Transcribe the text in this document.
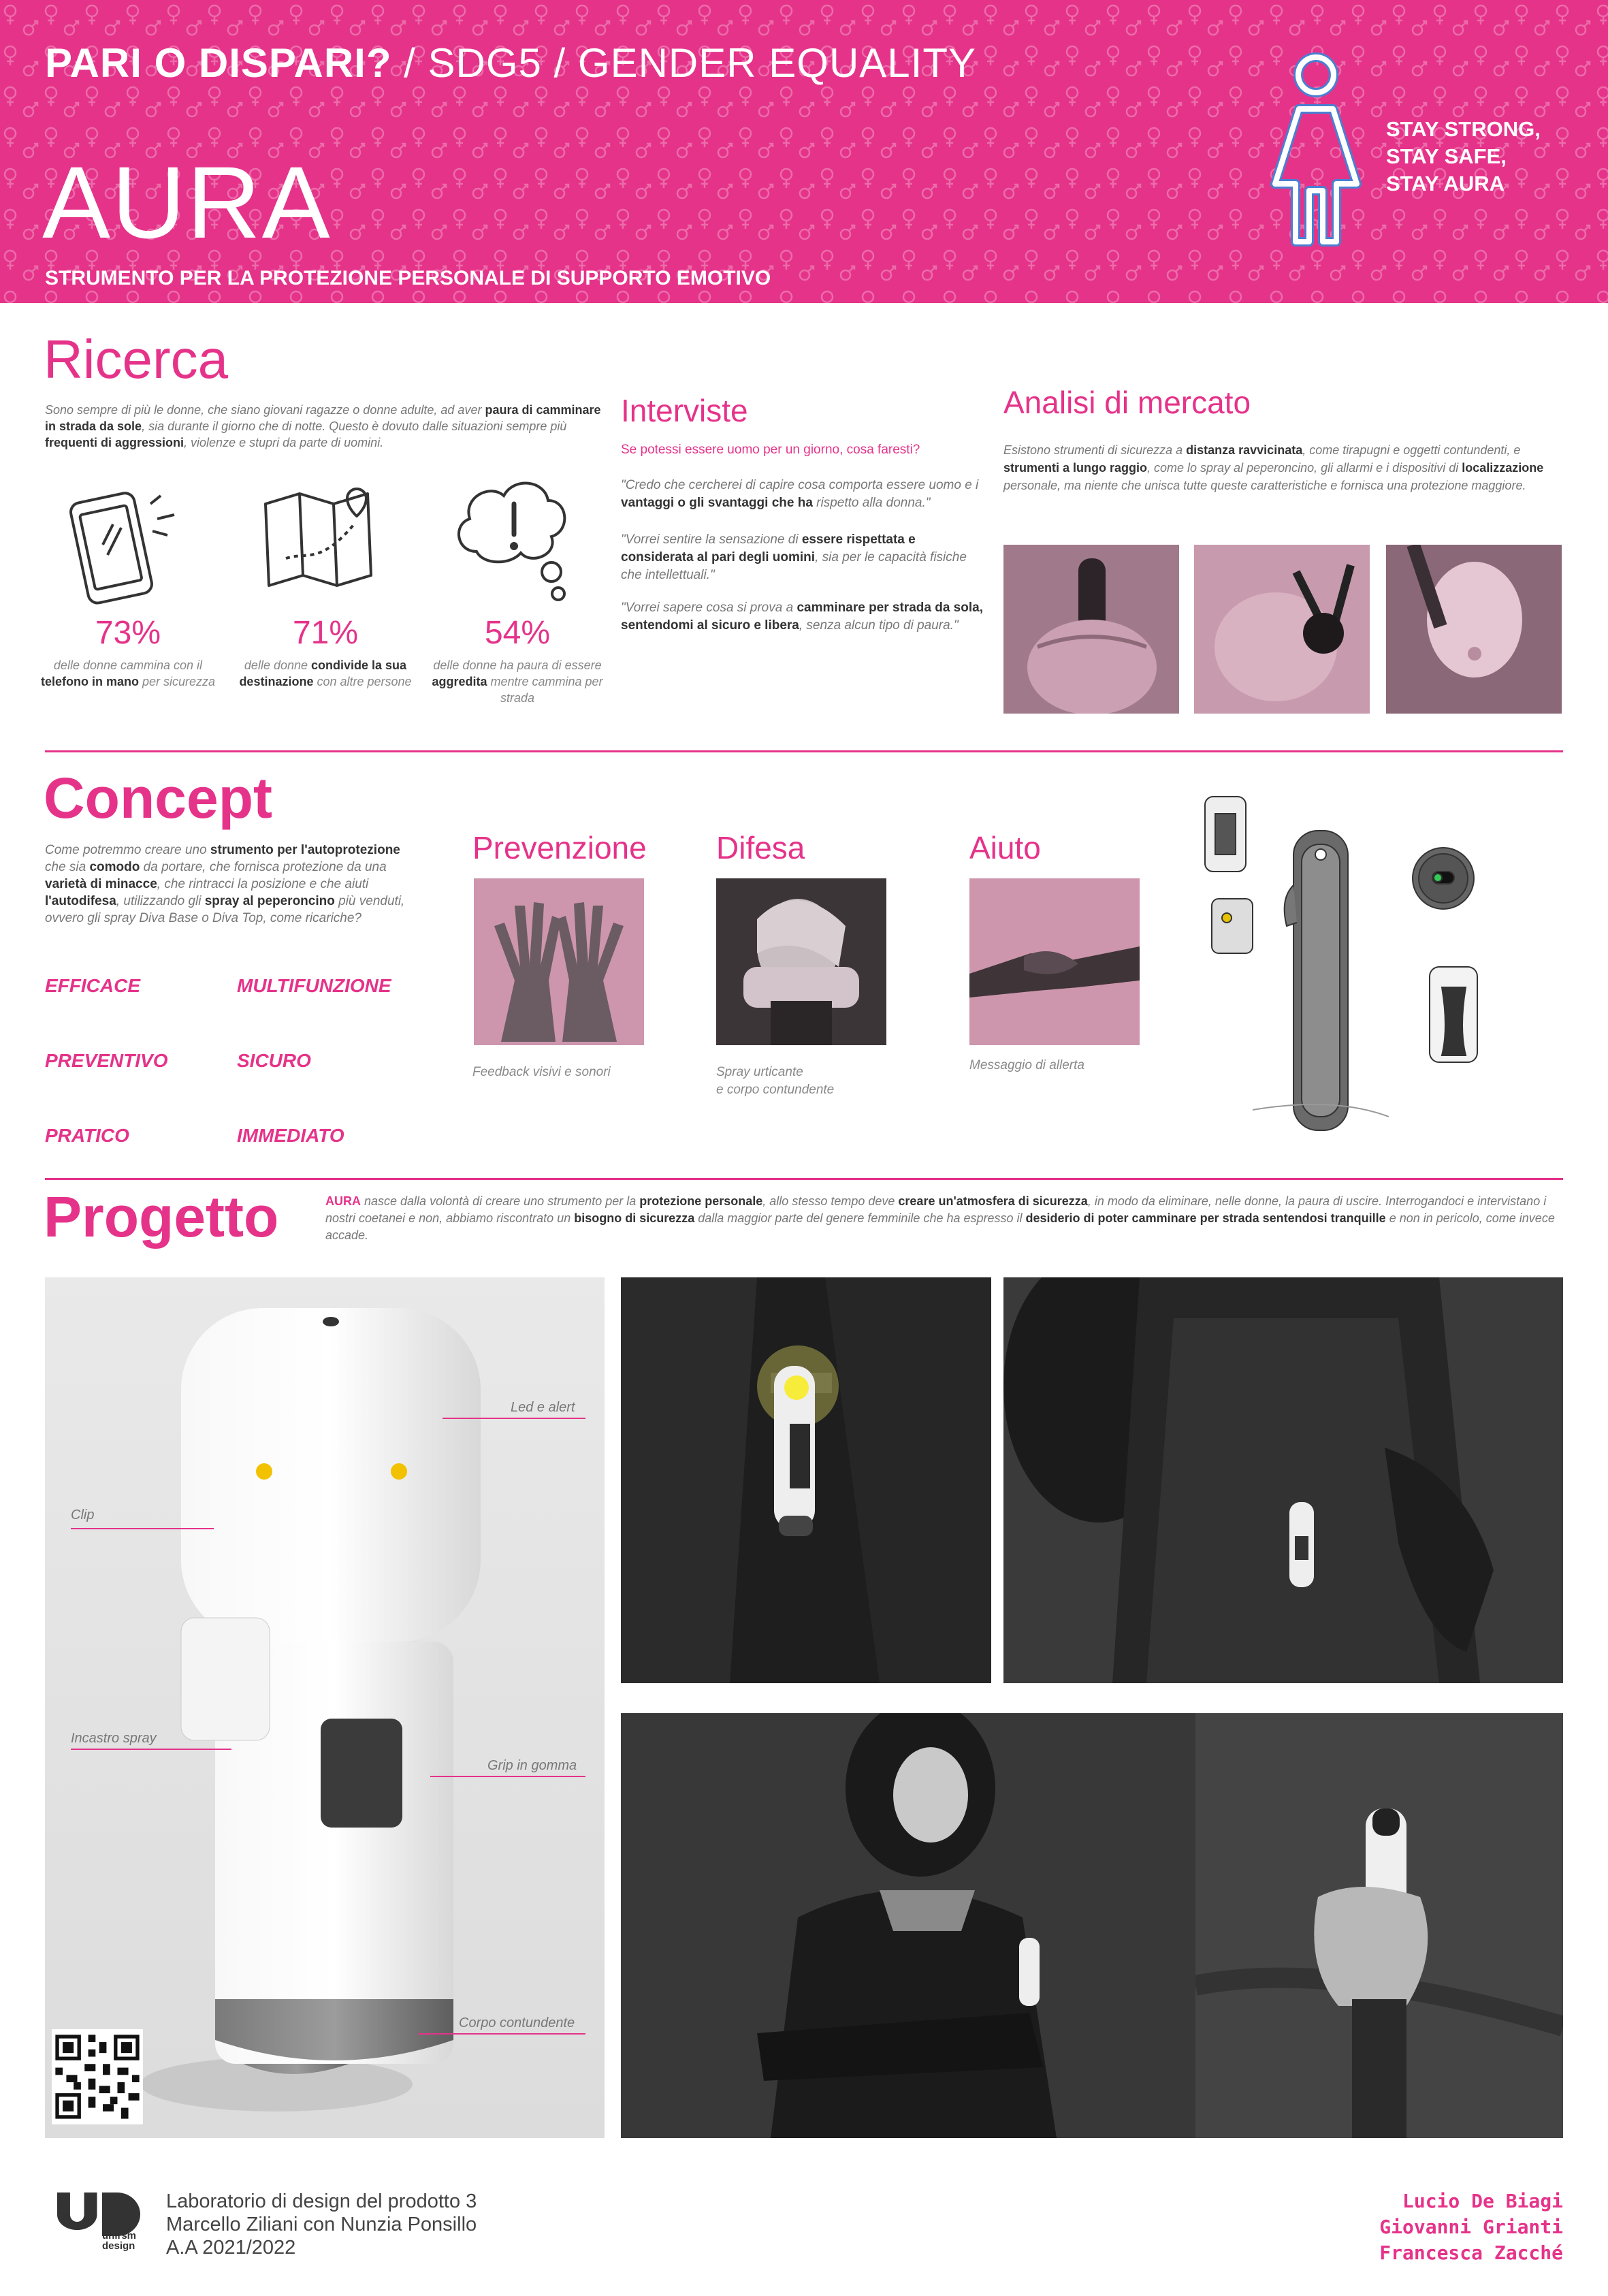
PARI O DISPARI? / SDG5 / GENDER EQUALITY
AURA
STRUMENTO PER LA PROTEZIONE PERSONALE DI SUPPORTO EMOTIVO
STAY STRONG,
STAY SAFE,
STAY AURA
Ricerca
Sono sempre di più le donne, che siano giovani ragazze o donne adulte, ad aver paura di camminare in strada da sole, sia durante il giorno che di notte. Questo è dovuto dalle situazioni sempre più frequenti di aggressioni, violenze e stupri da parte di uomini.
73%
delle donne cammina con il telefono in mano per sicurezza
71%
delle donne condivide la sua destinazione con altre persone
54%
delle donne ha paura di essere aggredita mentre cammina per strada
Interviste
Se potessi essere uomo per un giorno, cosa faresti?
"Credo che cercherei di capire cosa comporta essere uomo e i vantaggi o gli svantaggi che ha rispetto alla donna."
"Vorrei sentire la sensazione di essere rispettata e considerata al pari degli uomini, sia per le capacità fisiche che intellettuali."
"Vorrei sapere cosa si prova a camminare per strada da sola, sentendomi al sicuro e libera, senza alcun tipo di paura."
Analisi di mercato
Esistono strumenti di sicurezza a distanza ravvicinata, come tirapugni e oggetti contundenti, e strumenti a lungo raggio, come lo spray al peperoncino, gli allarmi e i dispositivi di localizzazione personale, ma niente che unisca tutte queste caratteristiche e fornisca una protezione maggiore.
Concept
Come potremmo creare uno strumento per l'autoprotezione che sia comodo da portare, che fornisca protezione da una varietà di minacce, che rintracci la posizione e che aiuti l'autodifesa, utilizzando gli spray al peperoncino più venduti, ovvero gli spray Diva Base o Diva Top, come ricariche?
EFFICACE	MULTIFUNZIONE
PREVENTIVO	SICURO
PRATICO	IMMEDIATO
Prevenzione
Feedback visivi e sonori
Difesa
Spray urticante
e corpo contundente
Aiuto
Messaggio di allerta
Progetto	AURA nasce dalla volontà di creare uno strumento per la protezione personale, allo stesso tempo deve creare un'atmosfera di sicurezza, in modo da eliminare, nelle donne, la paura di uscire. Interrogandoci e intervistano i nostri coetanei e non, abbiamo riscontrato un bisogno di sicurezza dalla maggior parte del genere femminile che ha espresso il desiderio di poter camminare per strada sentendosi tranquille e non in pericolo, come invece accade.
Led e alert
Clip
Incastro spray
Grip in gomma
Corpo contundente
unirsm
design
Laboratorio di design del prodotto 3
Marcello Ziliani con Nunzia Ponsillo
A.A 2021/2022
Lucio De Biagi
Giovanni Grianti
Francesca Zacché
